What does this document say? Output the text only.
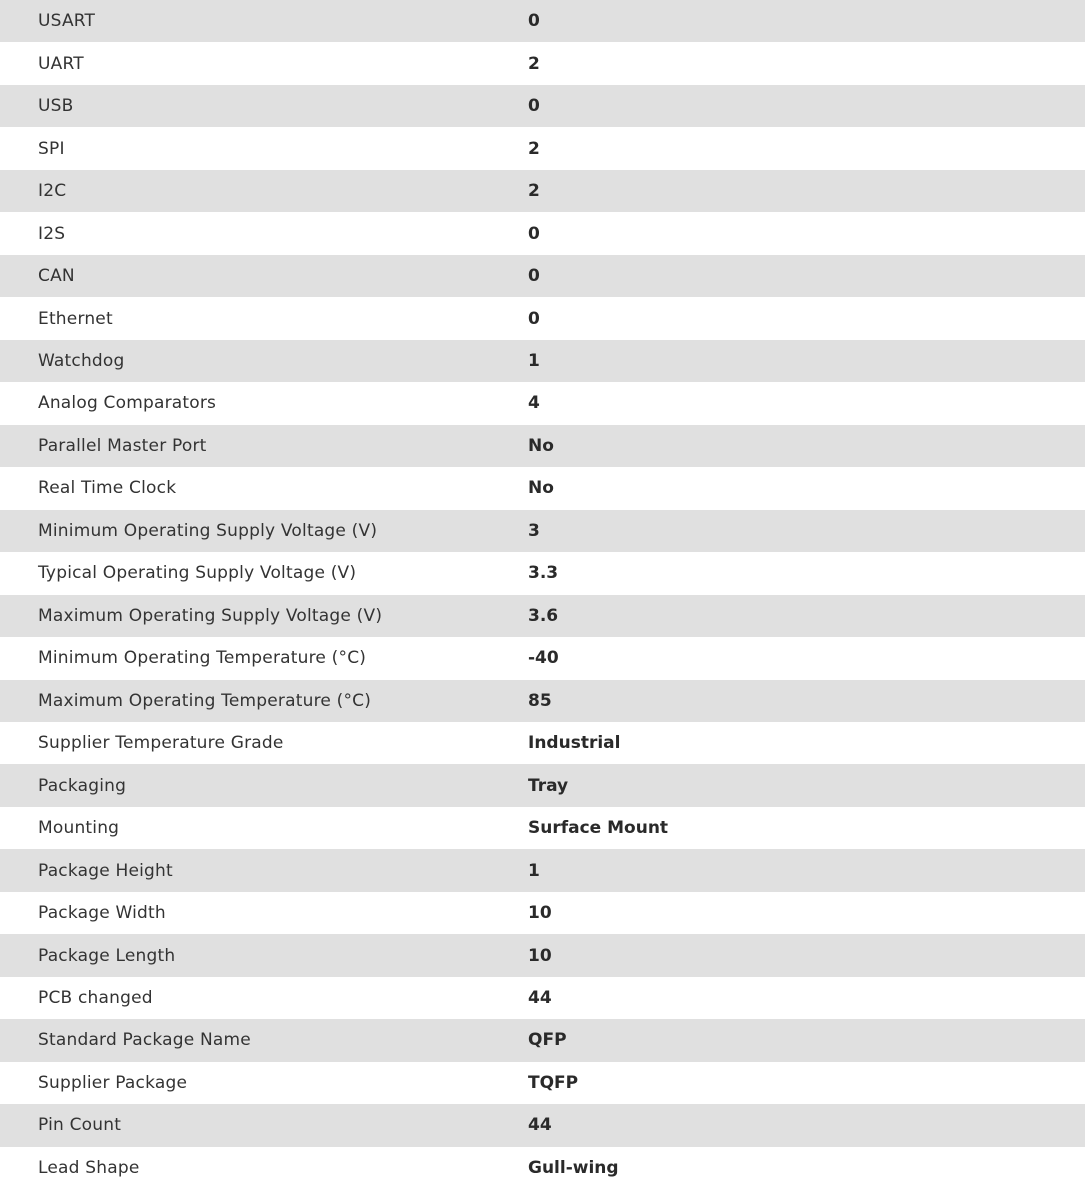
USART	0
UART	2
USB	0
SPI	2
I2C	2
I2S	0
CAN	0
Ethernet	0
Watchdog	1
Analog Comparators	4
Parallel Master Port	No
Real Time Clock	No
Minimum Operating Supply Voltage (V)	3
Typical Operating Supply Voltage (V)	3.3
Maximum Operating Supply Voltage (V)	3.6
Minimum Operating Temperature (°C)	-40
Maximum Operating Temperature (°C)	85
Supplier Temperature Grade	Industrial
Packaging	Tray
Mounting	Surface Mount
Package Height	1
Package Width	10
Package Length	10
PCB changed	44
Standard Package Name	QFP
Supplier Package	TQFP
Pin Count	44
Lead Shape	Gull-wing
